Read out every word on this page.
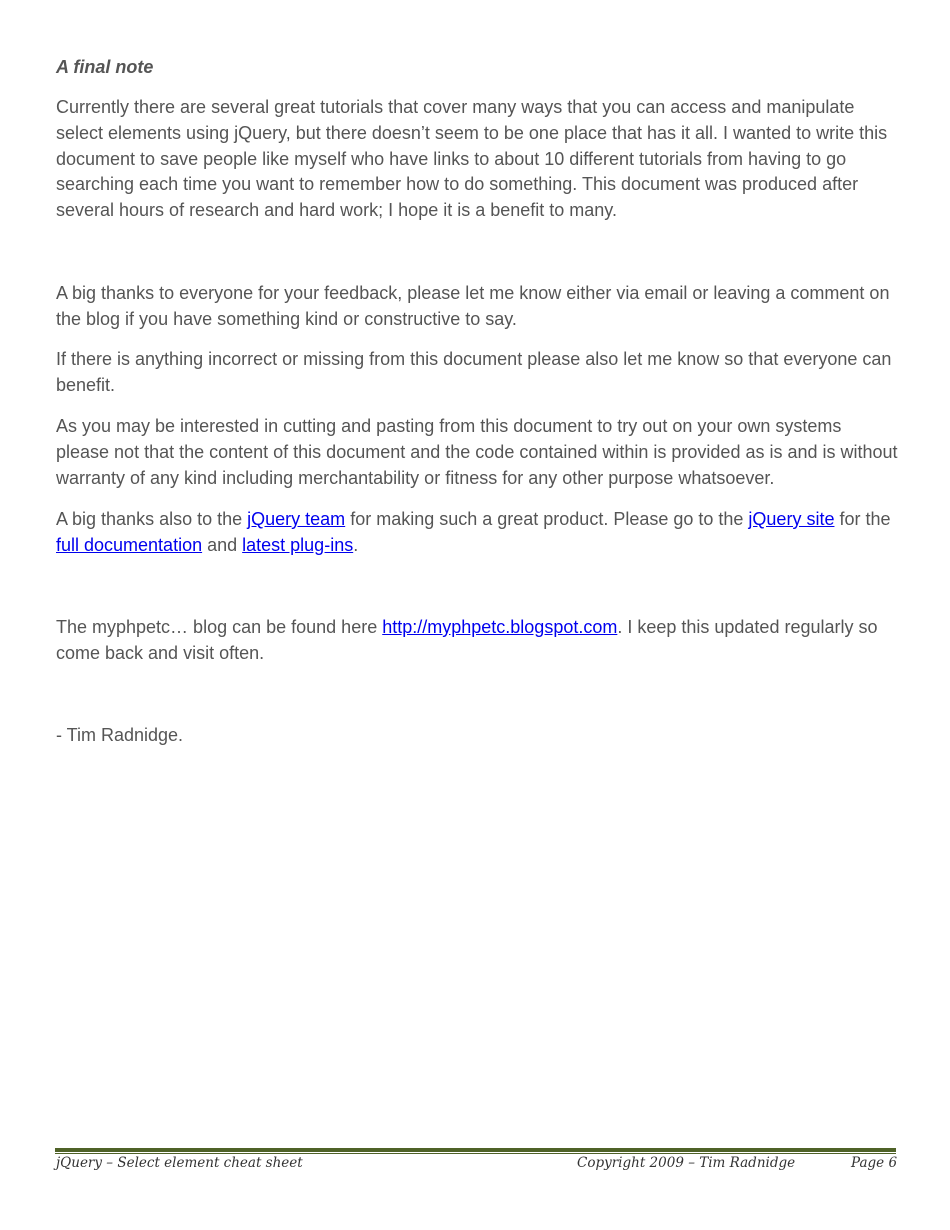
A final note

Currently there are several great tutorials that cover many ways that you can access and manipulate select elements using jQuery, but there doesn’t seem to be one place that has it all. I wanted to write this document to save people like myself who have links to about 10 different tutorials from having to go searching each time you want to remember how to do something. This document was produced after several hours of research and hard work; I hope it is a benefit to many.

A big thanks to everyone for your feedback, please let me know either via email or leaving a comment on the blog if you have something kind or constructive to say.

If there is anything incorrect or missing from this document please also let me know so that everyone can benefit.

As you may be interested in cutting and pasting from this document to try out on your own systems please not that the content of this document and the code contained within is provided as is and is without warranty of any kind including merchantability or fitness for any other purpose whatsoever.

A big thanks also to the jQuery team for making such a great product. Please go to the jQuery site for the full documentation and latest plug-ins.

The myphpetc… blog can be found here http://myphpetc.blogspot.com. I keep this updated regularly so come back and visit often.

- Tim Radnidge.

jQuery – Select element cheat sheet	Copyright 2009 – Tim Radnidge	Page 6
